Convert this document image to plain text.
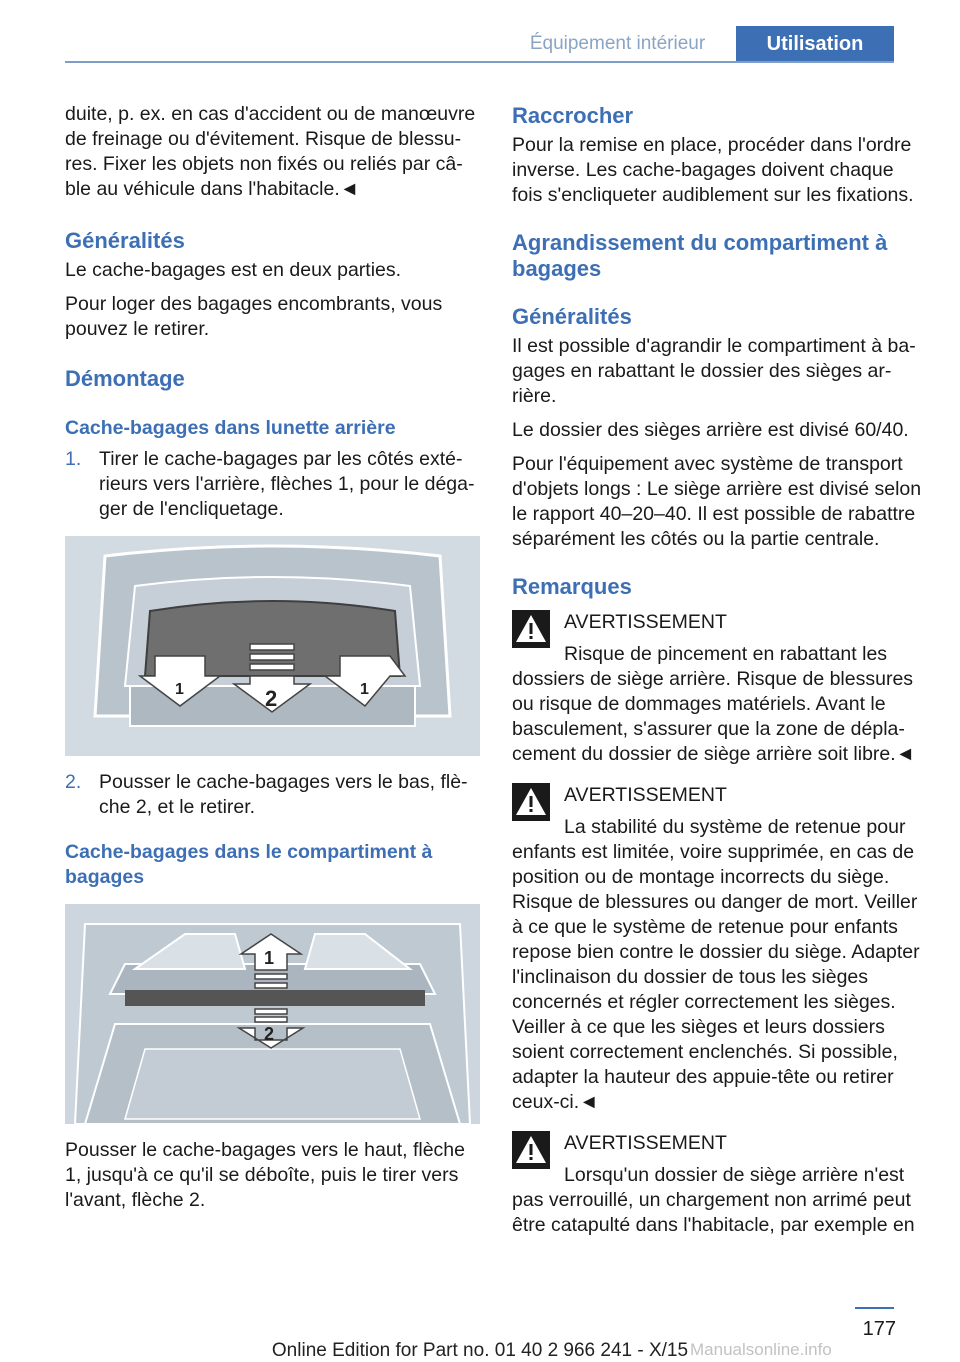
Équipement intérieur	Utilisation

duite, p. ex. en cas d'accident ou de manœuvre de freinage ou d'évitement. Risque de blessures. Fixer les objets non fixés ou reliés par câble au véhicule dans l'habitacle.◄

Généralités

Le cache-bagages est en deux parties.

Pour loger des bagages encombrants, vous pouvez le retirer.

Démontage
Cache-bagages dans lunette arrière
1. Tirer le cache-bagages par les côtés extérieurs vers l'arrière, flèches 1, pour le dégager de l'encliquetage.

1	2	1
2. Pousser le cache-bagages vers le bas, flèche 2, et le retirer.

Cache-bagages dans le compartiment à bagages
1
2

Pousser le cache-bagages vers le haut, flèche 1, jusqu'à ce qu'il se déboîte, puis le tirer vers l'avant, flèche 2.

Raccrocher

Pour la remise en place, procéder dans l'ordre inverse. Les cache-bagages doivent chaque fois s'encliqueter audiblement sur les fixations.

Agrandissement du compartiment à bagages
Généralités

Il est possible d'agrandir le compartiment à bagages en rabattant le dossier des sièges arrière.

Le dossier des sièges arrière est divisé 60/40.

Pour l'équipement avec système de transport d'objets longs : Le siège arrière est divisé selon le rapport 40–20–40. Il est possible de rabattre séparément les côtés ou la partie centrale.

Remarques

AVERTISSEMENT

Risque de pincement en rabattant les

dossiers de siège arrière. Risque de blessures ou risque de dommages matériels. Avant le basculement, s'assurer que la zone de déplacement du dossier de siège arrière soit libre.◄

AVERTISSEMENT

La stabilité du système de retenue pour

enfants est limitée, voire supprimée, en cas de position ou de montage incorrects du siège. Risque de blessures ou danger de mort. Veiller à ce que le système de retenue pour enfants repose bien contre le dossier du siège. Adapter l'inclinaison du dossier de tous les sièges concernés et régler correctement les sièges. Veiller à ce que les sièges et leurs dossiers soient correctement enclenchés. Si possible, adapter la hauteur des appuie-tête ou retirer ceux-ci.◄

AVERTISSEMENT

Lorsqu'un dossier de siège arrière n'est

pas verrouillé, un chargement non arrimé peut être catapulté dans l'habitacle, par exemple en

177
Online Edition for Part no. 01 40 2 966 241 - X/15 Manualsonline.info
